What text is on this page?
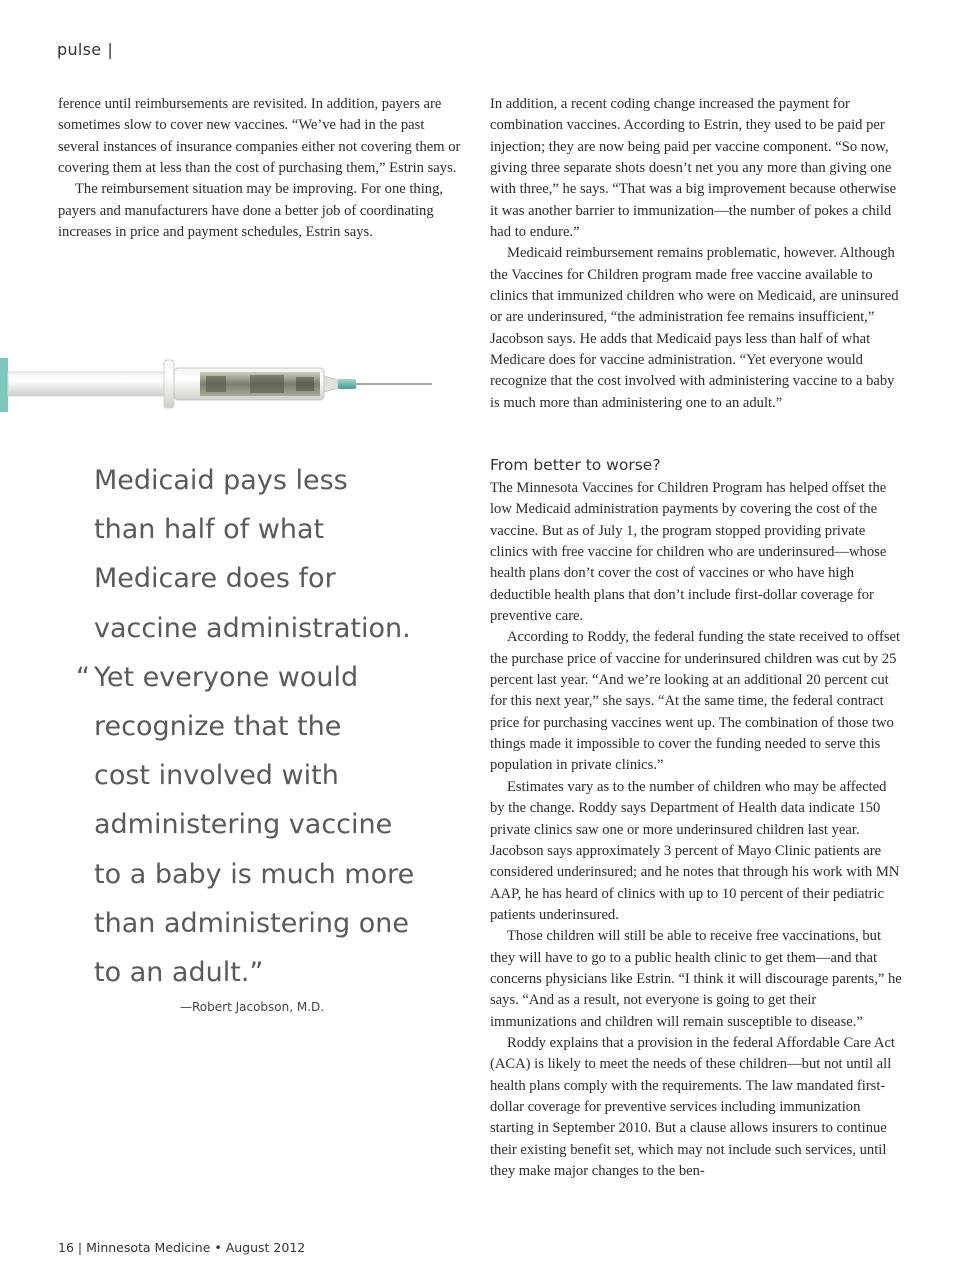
pulse |

ference until reimbursements are revisited. In addition, payers are sometimes slow to cover new vaccines. “We’ve had in the past several instances of insurance companies either not covering them or covering them at less than the cost of purchasing them,” Estrin says.

The reimbursement situation may be improving. For one thing, payers and manufacturers have done a better job of coordinating increases in price and payment schedules, Estrin says.

Medicaid pays less
than half of what
Medicare does for
vaccine administration.
“ Yet everyone would
recognize that the
cost involved with
administering vaccine
to a baby is much more
than administering one
to an adult.”
—Robert Jacobson, M.D.

In addition, a recent coding change increased the payment for combination vaccines. According to Estrin, they used to be paid per injection; they are now being paid per vaccine component. “So now, giving three separate shots doesn’t net you any more than giving one with three,” he says. “That was a big improvement because otherwise it was another barrier to immunization—the number of pokes a child had to endure.”

Medicaid reimbursement remains problematic, however. Although the Vaccines for Children program made free vaccine available to clinics that immunized children who were on Medicaid, are uninsured or are underinsured, “the administration fee remains insufficient,” Jacobson says. He adds that Medicaid pays less than half of what Medicare does for vaccine administration. “Yet everyone would recognize that the cost involved with administering vaccine to a baby is much more than administering one to an adult.”

From better to worse?

The Minnesota Vaccines for Children Program has helped offset the low Medicaid administration payments by covering the cost of the vaccine. But as of July 1, the program stopped providing private clinics with free vaccine for children who are underinsured—whose health plans don’t cover the cost of vaccines or who have high deductible health plans that don’t include first-dollar coverage for preventive care.

According to Roddy, the federal funding the state received to offset the purchase price of vaccine for underinsured children was cut by 25 percent last year. “And we’re looking at an additional 20 percent cut for this next year,” she says. “At the same time, the federal contract price for purchasing vaccines went up. The combination of those two things made it impossible to cover the funding needed to serve this population in private clinics.”

Estimates vary as to the number of children who may be affected by the change. Roddy says Department of Health data indicate 150 private clinics saw one or more underinsured children last year. Jacobson says approximately 3 percent of Mayo Clinic patients are considered underinsured; and he notes that through his work with MN AAP, he has heard of clinics with up to 10 percent of their pediatric patients underinsured.

Those children will still be able to receive free vaccinations, but they will have to go to a public health clinic to get them—and that concerns physicians like Estrin. “I think it will discourage parents,” he says. “And as a result, not everyone is going to get their immunizations and children will remain susceptible to disease.”

Roddy explains that a provision in the federal Affordable Care Act (ACA) is likely to meet the needs of these children—but not until all health plans comply with the requirements. The law mandated first-dollar coverage for preventive services including immunization starting in September 2010. But a clause allows insurers to continue their existing benefit set, which may not include such services, until they make major changes to the ben-

16 | Minnesota Medicine • August 2012
